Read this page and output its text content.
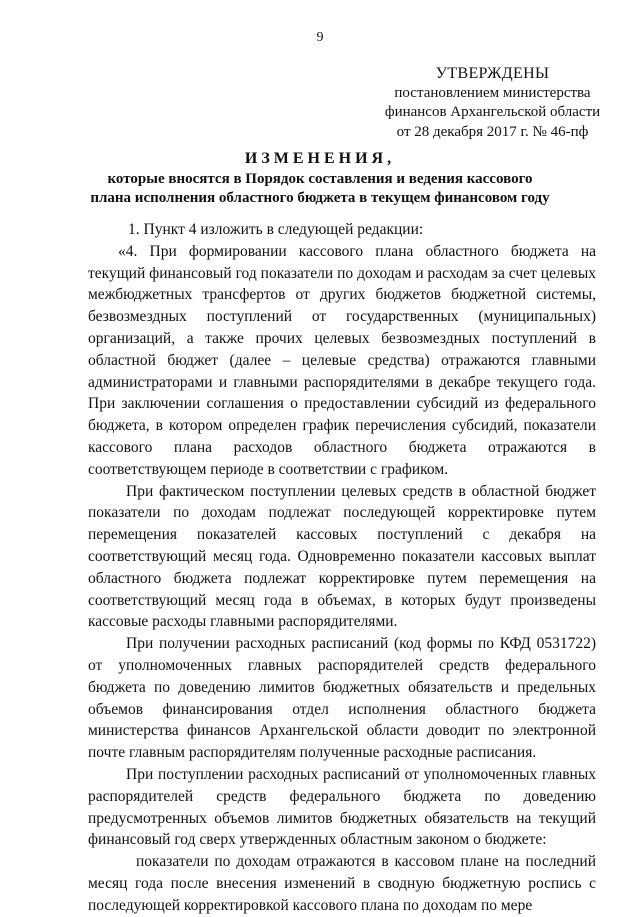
9
УТВЕРЖДЕНЫ
постановлением министерства
финансов Архангельской области
от 28 декабря 2017 г. № 46-пф
ИЗМЕНЕНИЯ,
которые вносятся в Порядок составления и ведения кассового плана исполнения областного бюджета в текущем финансовом году

1. Пункт 4 изложить в следующей редакции:

«4. При формировании кассового плана областного бюджета на текущий финансовый год показатели по доходам и расходам за счет целевых межбюджетных трансфертов от других бюджетов бюджетной системы, безвозмездных поступлений от государственных (муниципальных) организаций, а также прочих целевых безвозмездных поступлений в областной бюджет (далее – целевые средства) отражаются главными администраторами и главными распорядителями в декабре текущего года. При заключении соглашения о предоставлении субсидий из федерального бюджета, в котором определен график перечисления субсидий, показатели кассового плана расходов областного бюджета отражаются в соответствующем периоде в соответствии с графиком.

При фактическом поступлении целевых средств в областной бюджет показатели по доходам подлежат последующей корректировке путем перемещения показателей кассовых поступлений с декабря на соответствующий месяц года. Одновременно показатели кассовых выплат областного бюджета подлежат корректировке путем перемещения на соответствующий месяц года в объемах, в которых будут произведены кассовые расходы главными распорядителями.

При получении расходных расписаний (код формы по КФД 0531722) от уполномоченных главных распорядителей средств федерального бюджета по доведению лимитов бюджетных обязательств и предельных объемов финансирования отдел исполнения областного бюджета министерства финансов Архангельской области доводит по электронной почте главным распорядителям полученные расходные расписания.

При поступлении расходных расписаний от уполномоченных главных распорядителей средств федерального бюджета по доведению предусмотренных объемов лимитов бюджетных обязательств на текущий финансовый год сверх утвержденных областным законом о бюджете:

показатели по доходам отражаются в кассовом плане на последний месяц года после внесения изменений в сводную бюджетную роспись с последующей корректировкой кассового плана по доходам по мере
